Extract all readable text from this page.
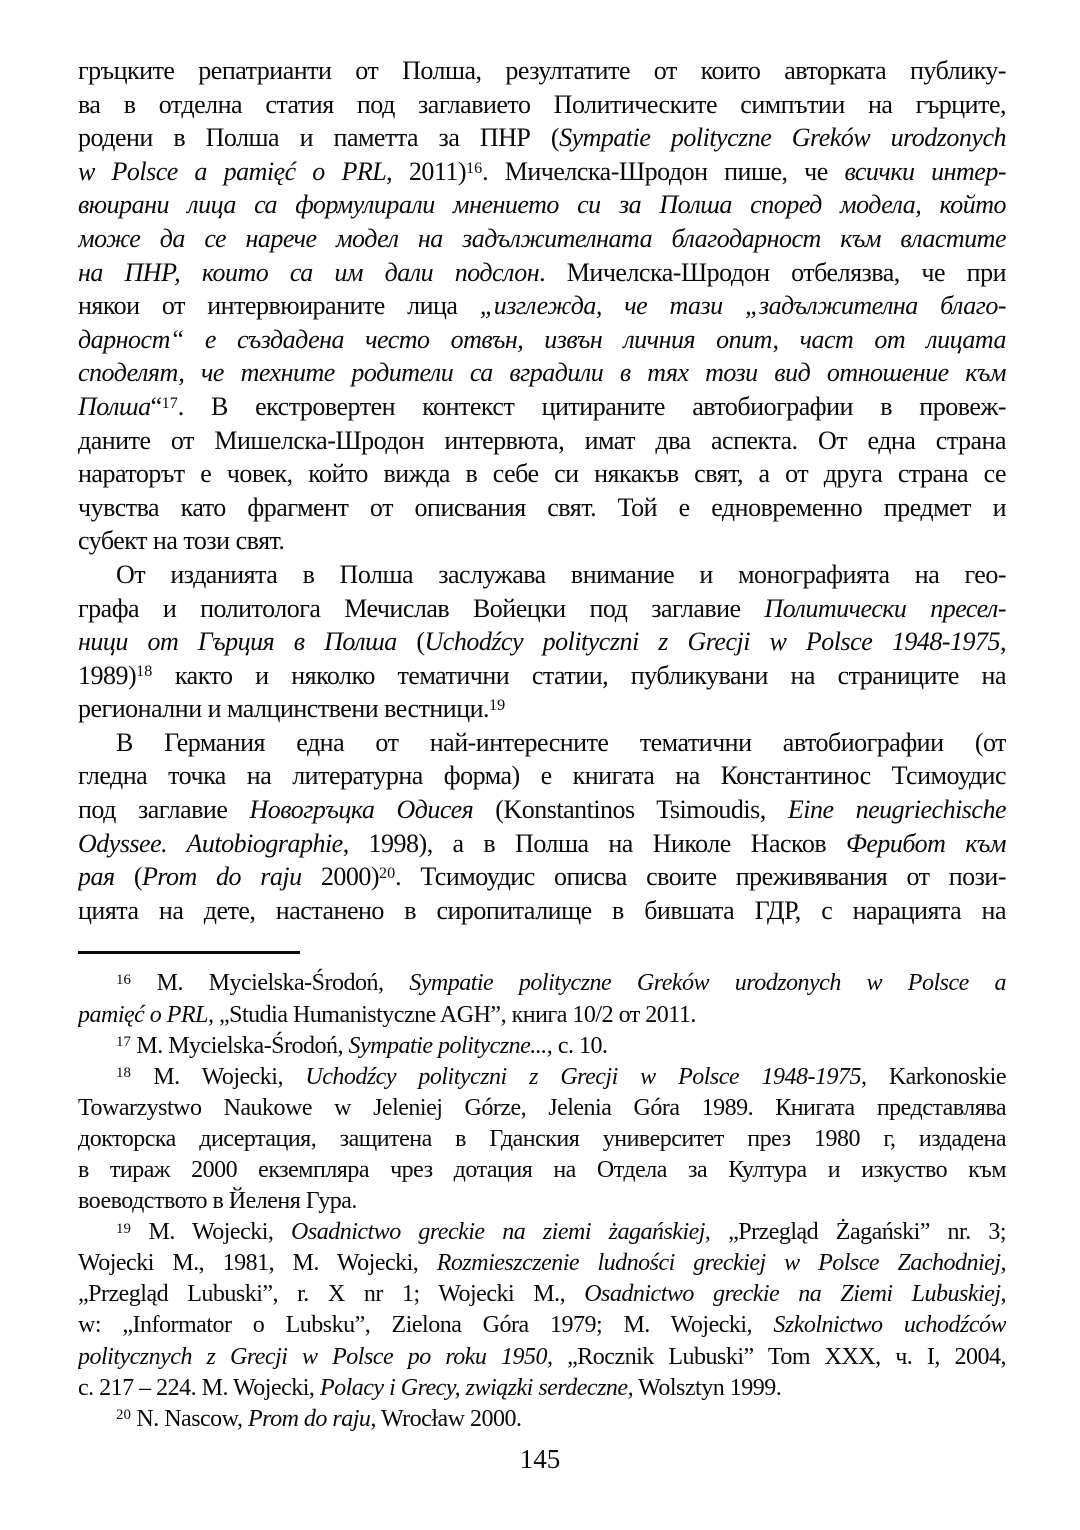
гръцките репатрианти от Полша, резултатите от които авторката публику-
ва в отделна статия под заглавието Политическите симпътии на гърците,
родени в Полша и паметта за ПНР (Sympatie polityczne Greków urodzonych
w Polsce a pamięć o PRL, 2011)$^{16}$. Мичелска-Шродон пише, че всички интер-
вюирани лица са формулирали мнението си за Полша според модела, който
може да се нарече модел на задължителната благодарност към властите
на ПНР, които са им дали подслон. Мичелска-Шродон отбелязва, че при
някои от интервюираните лица „изглежда, че тази „задължителна благо-
дарност“ е създадена често отвън, извън личния опит, част от лицата
споделят, че техните родители са вградили в тях този вид отношение към
Полша“$^{17}$. В екстровертен контекст цитираните автобиографии в провеж-
даните от Мишелска-Шродон интервюта, имат два аспекта. От една страна
нараторът е човек, който вижда в себе си някакъв свят, а от друга страна се
чувства като фрагмент от описвания свят. Той е едновременно предмет и
субект на този свят.
От изданията в Полша заслужава внимание и монографията на гео-
графа и политолога Мечислав Войецки под заглавие Политически пресел-
ници от Гърция в Полша (Uchodźcy polityczni z Grecji w Polsce 1948-1975,
1989)$^{18}$ както и няколко тематични статии, публикувани на страниците на
регионални и малцинствени вестници.$^{19}$
В Германия една от най-интересните тематични автобиографии (от
гледна точка на литературна форма) е книгата на Константинос Тсимоудис
под заглавие Новогръцка Одисея (Konstantinos Tsimoudis, Eine neugriechische
Odyssee. Autobiographie, 1998), а в Полша на Николе Насков Ферибот към
рая (Prom do raju 2000)$^{20}$. Тсимоудис описва своите преживявания от пози-
цията на дете, настанено в сиропиталище в бившата ГДР, с нарацията на
$^{16}$ M. Mycielska-Środoń, Sympatie polityczne Greków urodzonych w Polsce a
pamięć o PRL, „Studia Humanistyczne AGH”, книга 10/2 от 2011.
$^{17}$ M. Mycielska-Środoń, Sympatie polityczne..., с. 10.
$^{18}$ M. Wojecki, Uchodźcy polityczni z Grecji w Polsce 1948-1975, Karkonoskie
Towarzystwo Naukowe w Jeleniej Górze, Jelenia Góra 1989. Книгата представлява
докторска дисертация, защитена в Гданския университет през 1980 г, издадена
в тираж 2000 екземпляра чрез дотация на Отдела за Култура и изкуство към
воеводството в Йеленя Гура.
$^{19}$ M. Wojecki, Osadnictwo greckie na ziemi żagańskiej, „Przegląd Żagański” nr. 3;
Wojecki M., 1981, M. Wojecki, Rozmieszczenie ludności greckiej w Polsce Zachodniej,
„Przegląd Lubuski”, r. X nr 1; Wojecki M., Osadnictwo greckie na Ziemi Lubuskiej,
w: „Informator o Lubsku”, Zielona Góra 1979; M. Wojecki, Szkolnictwo uchodźców
politycznych z Grecji w Polsce po roku 1950, „Rocznik Lubuski” Tom XXX, ч. I, 2004,
с. 217 – 224. M. Wojecki, Polacy i Grecy, związki serdeczne, Wolsztyn 1999.
$^{20}$ N. Nascow, Prom do raju, Wrocław 2000.
145
